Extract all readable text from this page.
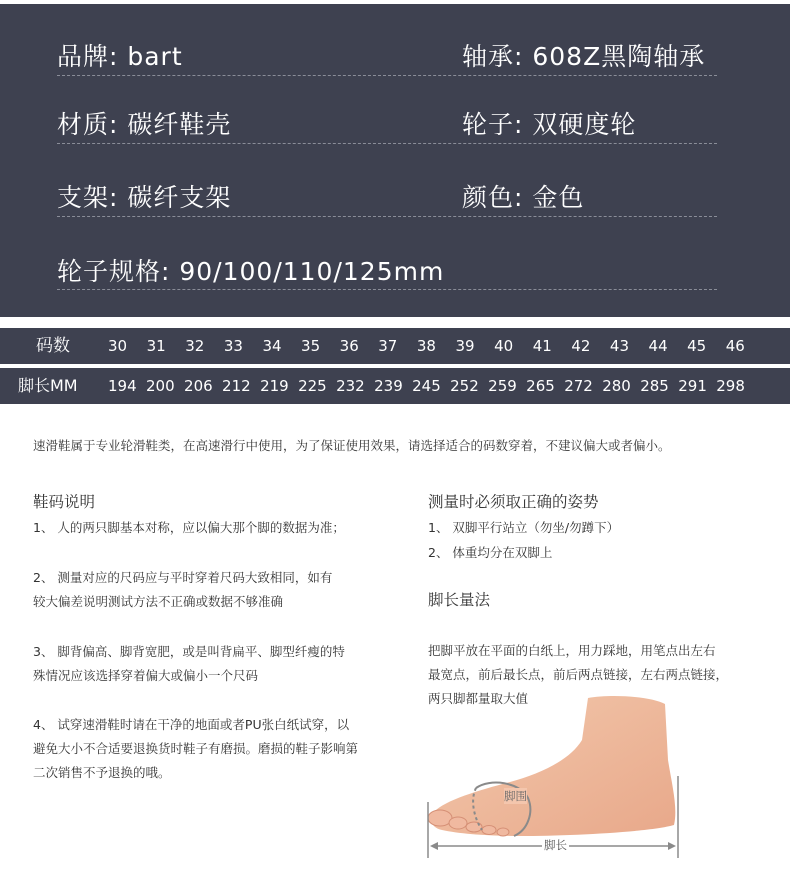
品牌: bart	轴承: 608Z黑陶轴承
材质: 碳纤鞋壳	轮子: 双硬度轮
支架: 碳纤支架	颜色: 金色
轮子规格: 90/100/110/125mm
码数	30 31 32 33 34 35 36 37 38 39 40 41 42 43 44 45 46
脚长MM 194 200 206 212 219 225 232 239 245 252 259 265 272 280 285 291 298
速滑鞋属于专业轮滑鞋类，在高速滑行中使用，为了保证使用效果，请选择适合的码数穿着，不建议偏大或者偏小。
鞋码说明
1、 人的两只脚基本对称，应以偏大那个脚的数据为准；
2、 测量对应的尺码应与平时穿着尺码大致相同，如有
较大偏差说明测试方法不正确或数据不够准确
3、 脚背偏高、脚背宽肥，或是叫背扁平、脚型纤瘦的特
殊情况应该选择穿着偏大或偏小一个尺码
4、 试穿速滑鞋时请在干净的地面或者PU张白纸试穿，以
避免大小不合适要退换货时鞋子有磨损。磨损的鞋子影响第
二次销售不予退换的哦。
测量时必须取正确的姿势
1、 双脚平行站立（勿坐/勿蹲下）
2、 体重均分在双脚上
脚长量法
把脚平放在平面的白纸上，用力踩地，用笔点出左右
最宽点，前后最长点，前后两点链接，左右两点链接，
两只脚都量取大值
脚围
脚长
